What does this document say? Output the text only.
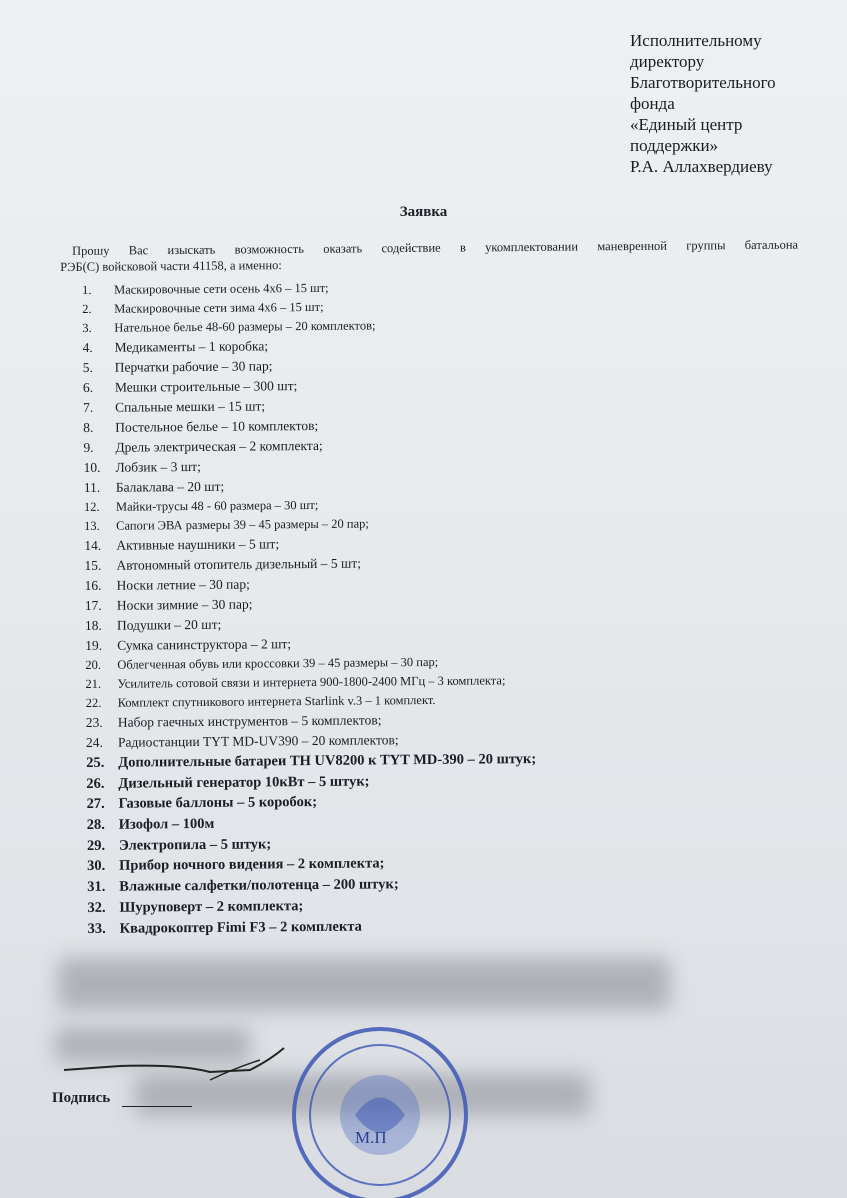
Исполнительному
директору
Благотворительного
фонда
«Единый центр
поддержки»
Р.А. Аллахвердиеву
Заявка
Прошу Вас изыскать возможность оказать содействие в укомплектовании маневренной группы батальона
РЭБ(С) войсковой части 41158, а именно:
1.	Маскировочные сети осень 4х6 – 15 шт;
2.	Маскировочные сети зима 4х6 – 15 шт;
3.	Нательное белье 48-60 размеры – 20 комплектов;
4.	Медикаменты – 1 коробка;
5.	Перчатки рабочие – 30 пар;
6.	Мешки строительные – 300 шт;
7.	Спальные мешки – 15 шт;
8.	Постельное белье – 10 комплектов;
9.	Дрель электрическая – 2 комплекта;
10.	Лобзик – 3 шт;
11.	Балаклава – 20 шт;
12.	Майки-трусы 48 - 60 размера – 30 шт;
13.	Сапоги ЭВА размеры 39 – 45 размеры – 20 пар;
14.	Активные наушники – 5 шт;
15.	Автономный отопитель дизельный – 5 шт;
16.	Носки летние – 30 пар;
17.	Носки зимние – 30 пар;
18.	Подушки – 20 шт;
19.	Сумка санинструктора – 2 шт;
20.	Облегченная обувь или кроссовки 39 – 45 размеры – 30 пар;
21.	Усилитель сотовой связи и интернета 900-1800-2400 МГц – 3 комплекта;
22.	Комплект спутникового интернета Starlink v.3 – 1 комплект.
23.	Набор гаечных инструментов – 5 комплектов;
24.	Радиостанции TYT MD-UV390 – 20 комплектов;
25. Дополнительные батареи TH UV8200 к TYT MD-390 – 20 штук;
26. Дизельный генератор 10кВт – 5 штук;
27. Газовые баллоны – 5 коробок;
28. Изофол – 100м
29. Электропила – 5 штук;
30. Прибор ночного видения – 2 комплекта;
31. Влажные салфетки/полотенца – 200 штук;
32. Шуруповерт – 2 комплекта;
33. Квадрокоптер Fimi F3 – 2 комплекта
М.П
Подпись
